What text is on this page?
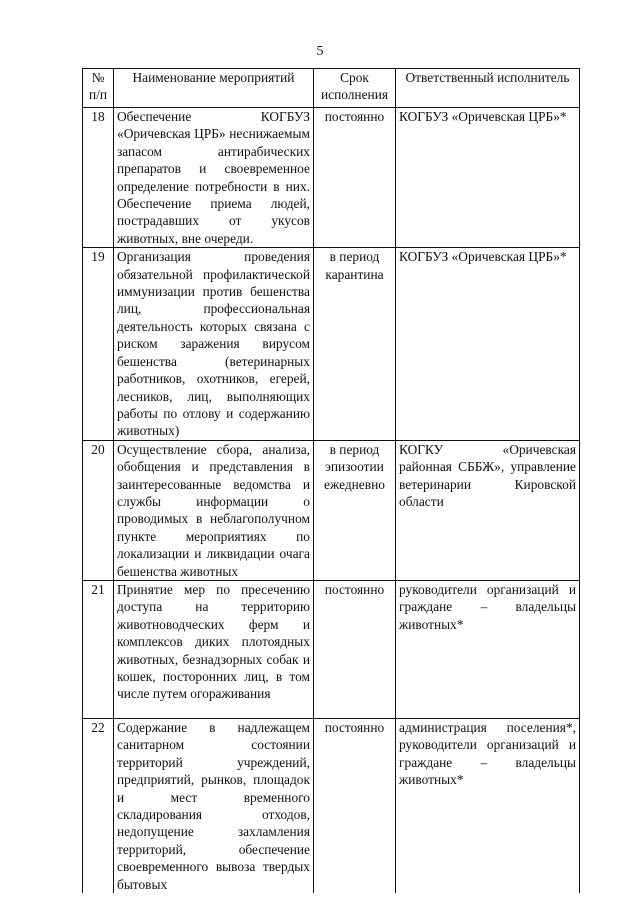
5
№ п/п	Наименование мероприятий	Срок исполнения	Ответственный исполнитель
18	Обеспечение КОГБУЗ «Оричевская ЦРБ» неснижаемым запасом антирабических препаратов и своевременное определение потребности в них. Обеспечение приема людей, пострадавших от укусов животных, вне очереди.	постоянно	КОГБУЗ «Оричевская ЦРБ»*
19	Организация проведения обязательной профилактической иммунизации против бешенства лиц, профессиональная деятельность которых связана с риском заражения вирусом бешенства (ветеринарных работников, охотников, егерей, лесников, лиц, выполняющих работы по отлову и содержанию животных)	в период карантина	КОГБУЗ «Оричевская ЦРБ»*
20	Осуществление сбора, анализа, обобщения и представления в заинтересованные ведомства и службы информации о проводимых в неблагополучном пункте мероприятиях по локализации и ликвидации очага бешенства животных	в период эпизоотии ежедневно	КОГКУ «Оричевская районная СББЖ», управление ветеринарии Кировской области
21	Принятие мер по пресечению доступа на территорию животноводческих ферм и комплексов диких плотоядных животных, безнадзорных собак и кошек, посторонних лиц, в том числе путем огораживания	постоянно	руководители организаций и граждане – владельцы животных*
22	Содержание в надлежащем санитарном состоянии территорий учреждений, предприятий, рынков, площадок и мест временного складирования отходов, недопущение захламления территорий, обеспечение своевременного вывоза твердых бытовых	постоянно	администрация поселения*, руководители организаций и граждане – владельцы животных*
